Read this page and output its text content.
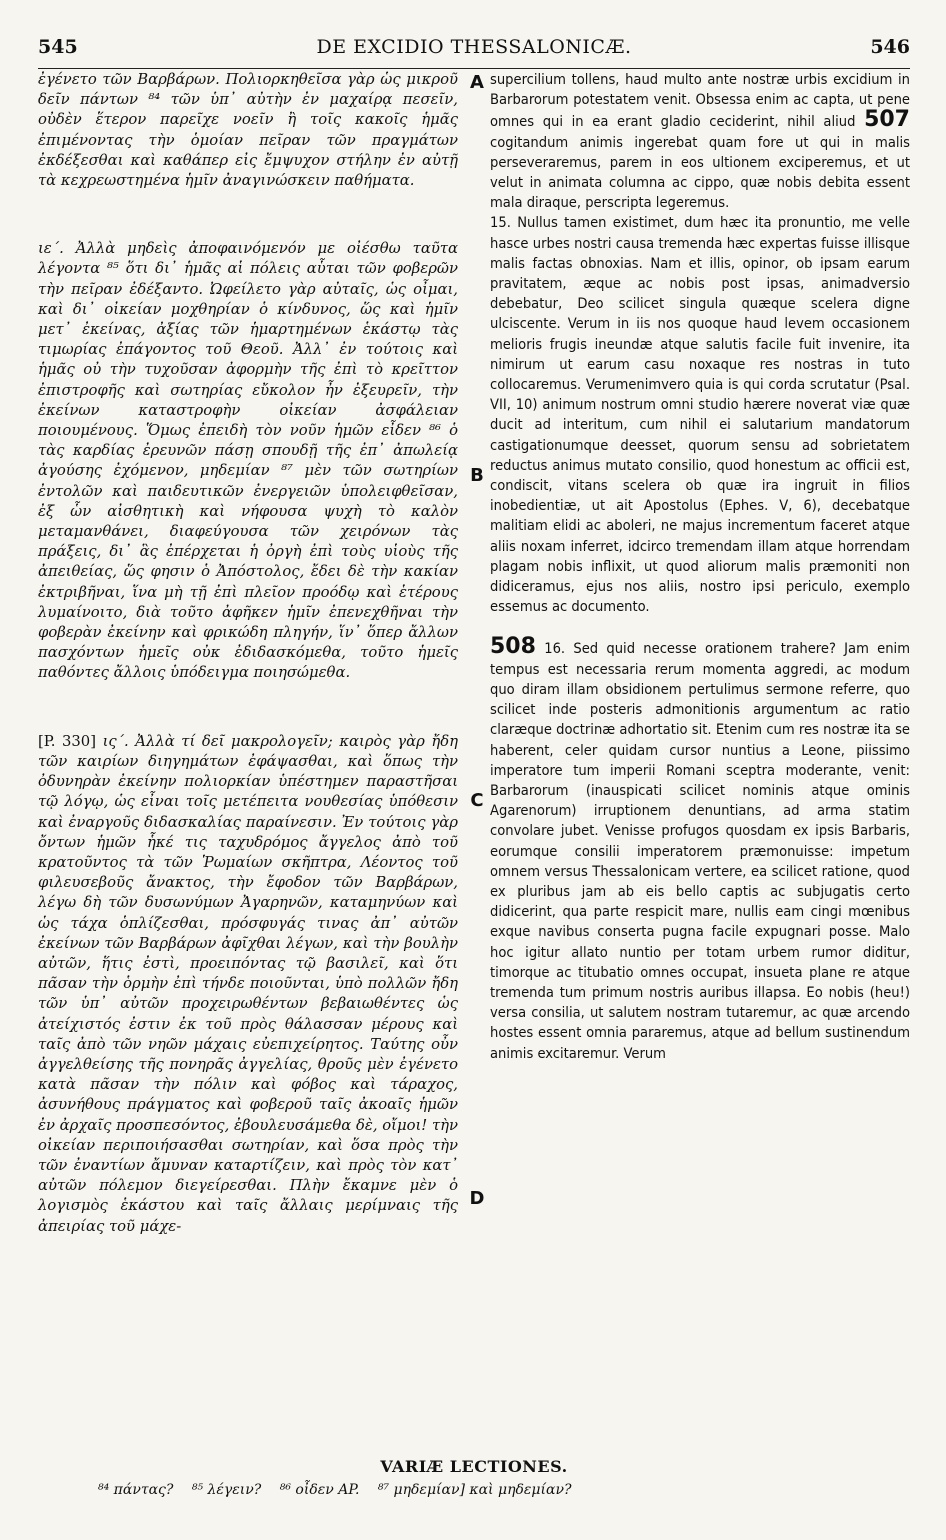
545	DE EXCIDIO THESSALONICÆ.	546

ἐγένετο τῶν Βαρβάρων. Πολιορκηθεῖσα γὰρ ὡς μικροῦ δεῖν πάντων ⁸⁴ τῶν ὑπ᾽ αὐτὴν ἐν μαχαίρᾳ πεσεῖν, οὐδὲν ἕτερον παρεῖχε νοεῖν ἢ τοῖς κακοῖς ἡμᾶς ἐπιμένοντας τὴν ὁμοίαν πεῖραν τῶν πραγμάτων ἐκδέξεσθαι καὶ καθάπερ εἰς ἔμψυχον στήλην ἐν αὐτῇ τὰ κεχρεωστημένα ἡμῖν ἀναγινώσκειν παθήματα.

ιε΄. Ἀλλὰ μηδεὶς ἀποφαινόμενόν με οἰέσθω ταῦτα λέγοντα ⁸⁵ ὅτι δι᾽ ἡμᾶς αἱ πόλεις αὗται τῶν φοβερῶν τὴν πεῖραν ἐδέξαντο. Ὠφείλετο γὰρ αὐταῖς, ὡς οἶμαι, καὶ δι᾽ οἰκείαν μοχθηρίαν ὁ κίνδυνος, ὥς καὶ ἡμῖν μετ᾽ ἐκείνας, ἀξίας τῶν ἡμαρτημένων ἑκάστῳ τὰς τιμωρίας ἐπάγοντος τοῦ Θεοῦ. Ἀλλ᾽ ἐν τούτοις καὶ ἡμᾶς οὐ τὴν τυχοῦσαν ἀφορμὴν τῆς ἐπὶ τὸ κρεῖττον ἐπιστροφῆς καὶ σωτηρίας εὔκολον ἦν ἐξευρεῖν, τὴν ἐκείνων καταστροφὴν οἰκείαν ἀσφάλειαν ποιουμένους. Ὅμως ἐπειδὴ τὸν νοῦν ἡμῶν εἶδεν ⁸⁶ ὁ τὰς καρδίας ἐρευνῶν πάσῃ σπουδῇ τῆς ἐπ᾽ ἀπωλείᾳ ἀγούσης ἐχόμενον, μηδεμίαν ⁸⁷ μὲν τῶν σωτηρίων ἐντολῶν καὶ παιδευτικῶν ἐνεργειῶν ὑπολειφθεῖσαν, ἐξ ὧν αἰσθητικὴ καὶ νήφουσα ψυχὴ τὸ καλὸν μεταμανθάνει, διαφεύγουσα τῶν χειρόνων τὰς πράξεις, δι᾽ ἃς ἐπέρχεται ἡ ὀργὴ ἐπὶ τοὺς υἱοὺς τῆς ἀπειθείας, ὥς φησιν ὁ Ἀπόστολος, ἔδει δὲ τὴν κακίαν ἐκτριβῆναι, ἵνα μὴ τῇ ἐπὶ πλεῖον προόδῳ καὶ ἑτέρους λυμαίνοιτο, διὰ τοῦτο ἀφῆκεν ἡμῖν ἐπενεχθῆναι τὴν φοβερὰν ἐκείνην καὶ φρικώδη πληγήν, ἵν᾽ ὅπερ ἄλλων πασχόντων ἡμεῖς οὐκ ἐδιδασκόμεθα, τοῦτο ἡμεῖς παθόντες ἄλλοις ὑπόδειγμα ποιησώμεθα.

[P. 330] ις΄. Ἀλλὰ τί δεῖ μακρολογεῖν; καιρὸς γὰρ ἤδη τῶν καιρίων διηγημάτων ἐφάψασθαι, καὶ ὅπως τὴν ὀδυνηρὰν ἐκείνην πολιορκίαν ὑπέστημεν παραστῆσαι τῷ λόγῳ, ὡς εἶναι τοῖς μετέπειτα νουθεσίας ὑπόθεσιν καὶ ἐναργοῦς διδασκαλίας παραίνεσιν. Ἐν τούτοις γὰρ ὄντων ἡμῶν ἧκέ τις ταχυδρόμος ἄγγελος ἀπὸ τοῦ κρατοῦντος τὰ τῶν Ῥωμαίων σκῆπτρα, Λέοντος τοῦ φιλευσεβοῦς ἄνακτος, τὴν ἔφοδον τῶν Βαρβάρων, λέγω δὴ τῶν δυσωνύμων Ἀγαρηνῶν, καταμηνύων καὶ ὡς τάχα ὁπλίζεσθαι, πρόσφυγάς τινας ἀπ᾽ αὐτῶν ἐκείνων τῶν Βαρβάρων ἀφῖχθαι λέγων, καὶ τὴν βουλὴν αὐτῶν, ἥτις ἐστὶ, προειπόντας τῷ βασιλεῖ, καὶ ὅτι πᾶσαν τὴν ὁρμὴν ἐπὶ τήνδε ποιοῦνται, ὑπὸ πολλῶν ἤδη τῶν ὑπ᾽ αὐτῶν προχειρωθέντων βεβαιωθέντες ὡς ἀτείχιστός ἐστιν ἐκ τοῦ πρὸς θάλασσαν μέρους καὶ ταῖς ἀπὸ τῶν νηῶν μάχαις εὐεπιχείρητος. Ταύτης οὖν ἀγγελθείσης τῆς πονηρᾶς ἀγγελίας, θροῦς μὲν ἐγένετο κατὰ πᾶσαν τὴν πόλιν καὶ φόβος καὶ τάραχος, ἀσυνήθους πράγματος καὶ φοβεροῦ ταῖς ἀκοαῖς ἡμῶν ἐν ἀρχαῖς προσπεσόντος, ἐβουλευσάμεθα δὲ, οἴμοι! τὴν οἰκείαν περιποιήσασθαι σωτηρίαν, καὶ ὅσα πρὸς τὴν τῶν ἐναντίων ἄμυναν καταρτίζειν, καὶ πρὸς τὸν κατ᾽ αὐτῶν πόλεμον διεγείρεσθαι. Πλὴν ἔκαμνε μὲν ὁ λογισμὸς ἑκάστου καὶ ταῖς ἄλλαις μερίμναις τῆς ἀπειρίας τοῦ μάχε-

A
B
C
D

supercilium tollens, haud multo ante nostræ urbis excidium in Barbarorum potestatem venit. Obsessa enim ac capta, ut pene omnes qui in ea erant gladio ceciderint, nihil aliud 507 cogitandum animis ingerebat quam fore ut qui in malis perseveraremus, parem in eos ultionem exciperemus, et ut velut in animata columna ac cippo, quæ nobis debita essent mala diraque, perscripta legeremus.

15. Nullus tamen existimet, dum hæc ita pronuntio, me velle hasce urbes nostri causa tremenda hæc expertas fuisse illisque malis factas obnoxias. Nam et illis, opinor, ob ipsam earum pravitatem, æque ac nobis post ipsas, animadversio debebatur, Deo scilicet singula quæque scelera digne ulciscente. Verum in iis nos quoque haud levem occasionem melioris frugis ineundæ atque salutis facile fuit invenire, ita nimirum ut earum casu noxaque res nostras in tuto collocaremus. Verumenimvero quia is qui corda scrutatur (Psal. VII, 10) animum nostrum omni studio hærere noverat viæ quæ ducit ad interitum, cum nihil ei salutarium mandatorum castigationumque deesset, quorum sensu ad sobrietatem reductus animus mutato consilio, quod honestum ac officii est, condiscit, vitans scelera ob quæ ira ingruit in filios inobedientiæ, ut ait Apostolus (Ephes. V, 6), decebatque malitiam elidi ac aboleri, ne majus incrementum faceret atque aliis noxam inferret, idcirco tremendam illam atque horrendam plagam nobis inflixit, ut quod aliorum malis præmoniti non didiceramus, ejus nos aliis, nostro ipsi periculo, exemplo essemus ac documento.

508 16. Sed quid necesse orationem trahere? Jam enim tempus est necessaria rerum momenta aggredi, ac modum quo diram illam obsidionem pertulimus sermone referre, quo scilicet inde posteris admonitionis argumentum ac ratio claræque doctrinæ adhortatio sit. Etenim cum res nostræ ita se haberent, celer quidam cursor nuntius a Leone, piissimo imperatore tum imperii Romani sceptra moderante, venit: Barbarorum (inauspicati scilicet nominis atque ominis Agarenorum) irruptionem denuntians, ad arma statim convolare jubet. Venisse profugos quosdam ex ipsis Barbaris, eorumque consilii imperatorem præmonuisse: impetum omnem versus Thessalonicam vertere, ea scilicet ratione, quod ex pluribus jam ab eis bello captis ac subjugatis certo didicerint, qua parte respicit mare, nullis eam cingi mœnibus exque navibus conserta pugna facile expugnari posse. Malo hoc igitur allato nuntio per totam urbem rumor diditur, timorque ac titubatio omnes occupat, insueta plane re atque tremenda tum primum nostris auribus illapsa. Eo nobis (heu!) versa consilia, ut salutem nostram tutaremur, ac quæ arcendo hostes essent omnia pararemus, atque ad bellum sustinendum animis excitaremur. Verum

VARIÆ LECTIONES.
⁸⁴ πάντας? ⁸⁵ λέγειν? ⁸⁶ οἶδεν AP. ⁸⁷ μηδεμίαν] καὶ μηδεμίαν?
